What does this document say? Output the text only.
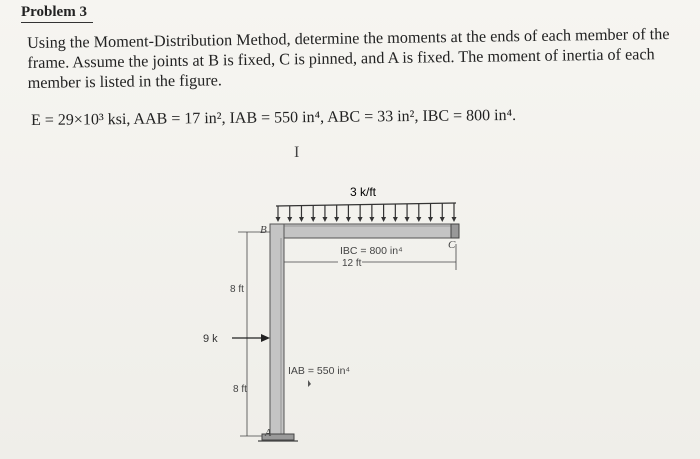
Problem 3
Using the Moment-Distribution Method, determine the moments at the ends of each member of the frame. Assume the joints at B is fixed, C is pinned, and A is fixed. The moment of inertia of each member is listed in the figure.
E = 29×10³ ksi, AAB = 17 in², IAB = 550 in⁴, ABC = 33 in², IBC = 800 in⁴.
I
3 k/ft
B
C
A
IBC = 800 in⁴
12 ft
8 ft
8 ft
9 k
IAB = 550 in⁴
